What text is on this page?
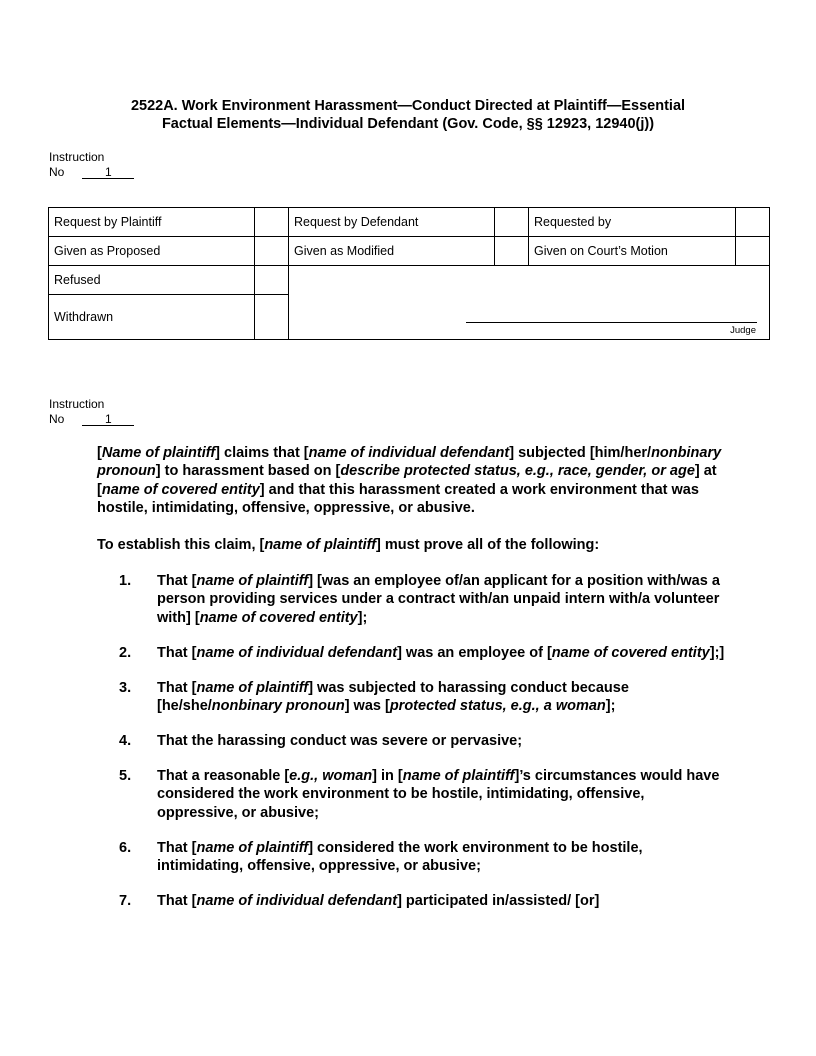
2522A. Work Environment Harassment—Conduct Directed at Plaintiff—Essential
Factual Elements—Individual Defendant (Gov. Code, §§ 12923, 12940(j))
Instruction
No	1
Request by Plaintiff		Request by Defendant		Requested by	
Given as Proposed		Given as Modified		Given on Court’s Motion	
Refused		Judge			

Withdrawn					
Instruction
No	1

[Name of plaintiff] claims that [name of individual defendant] subjected [him/her/nonbinary pronoun] to harassment based on [describe protected status, e.g., race, gender, or age] at [name of covered entity] and that this harassment created a work environment that was hostile, intimidating, offensive, oppressive, or abusive.

To establish this claim, [name of plaintiff] must prove all of the following:

1.	That [name of plaintiff] [was an employee of/an applicant for a position with/was a person providing services under a contract with/an unpaid intern with/a volunteer with] [name of covered entity];
2.	That [name of individual defendant] was an employee of [name of covered entity];]
3.	That [name of plaintiff] was subjected to harassing conduct because [he/she/nonbinary pronoun] was [protected status, e.g., a woman];
4.	That the harassing conduct was severe or pervasive;
5.	That a reasonable [e.g., woman] in [name of plaintiff]’s circumstances would have considered the work environment to be hostile, intimidating, offensive, oppressive, or abusive;
6.	That [name of plaintiff] considered the work environment to be hostile, intimidating, offensive, oppressive, or abusive;
7.	That [name of individual defendant] participated in/assisted/ [or]
